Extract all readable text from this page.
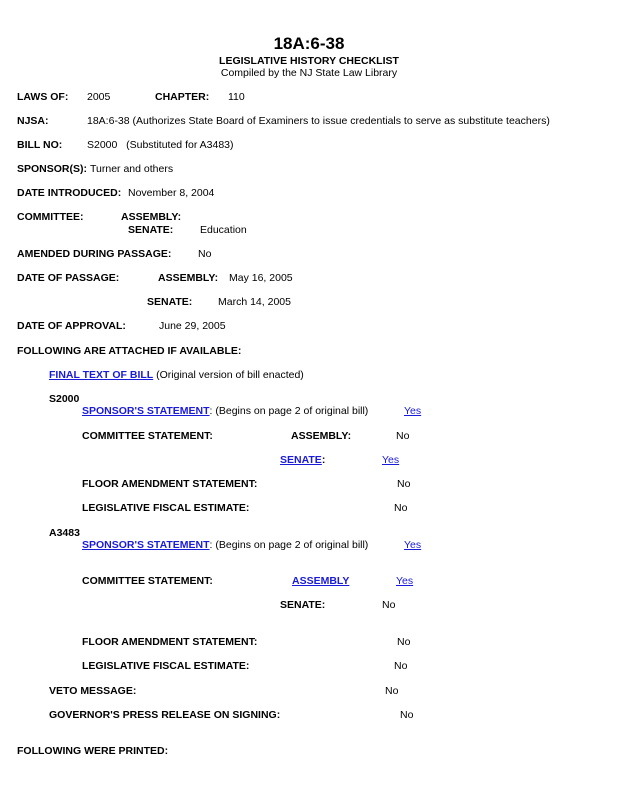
18A:6-38
LEGISLATIVE HISTORY CHECKLIST
Compiled by the NJ State Law Library
LAWS OF: 2005	CHAPTER: 110
NJSA:	18A:6-38 (Authorizes State Board of Examiners to issue credentials to serve as substitute teachers)
BILL NO: S2000   (Substituted for A3483)
SPONSOR(S): Turner and others
DATE INTRODUCED: November 8, 2004
COMMITTEE:	ASSEMBLY:
SENATE:	Education
AMENDED DURING PASSAGE:	No
DATE OF PASSAGE:	ASSEMBLY: May 16, 2005
SENATE: March 14, 2005
DATE OF APPROVAL:	June 29, 2005
FOLLOWING ARE ATTACHED IF AVAILABLE:
FINAL TEXT OF BILL (Original version of bill enacted)
S2000
SPONSOR'S STATEMENT: (Begins on page 2 of original bill)	Yes
COMMITTEE STATEMENT:	ASSEMBLY:	No
SENATE:	Yes
FLOOR AMENDMENT STATEMENT:	No
LEGISLATIVE FISCAL ESTIMATE:	No
A3483
SPONSOR'S STATEMENT: (Begins on page 2 of original bill)	Yes
COMMITTEE STATEMENT:	ASSEMBLY	Yes
SENATE:	No
FLOOR AMENDMENT STATEMENT:	No
LEGISLATIVE FISCAL ESTIMATE:	No
VETO MESSAGE:	No
GOVERNOR'S PRESS RELEASE ON SIGNING:	No
FOLLOWING WERE PRINTED:
